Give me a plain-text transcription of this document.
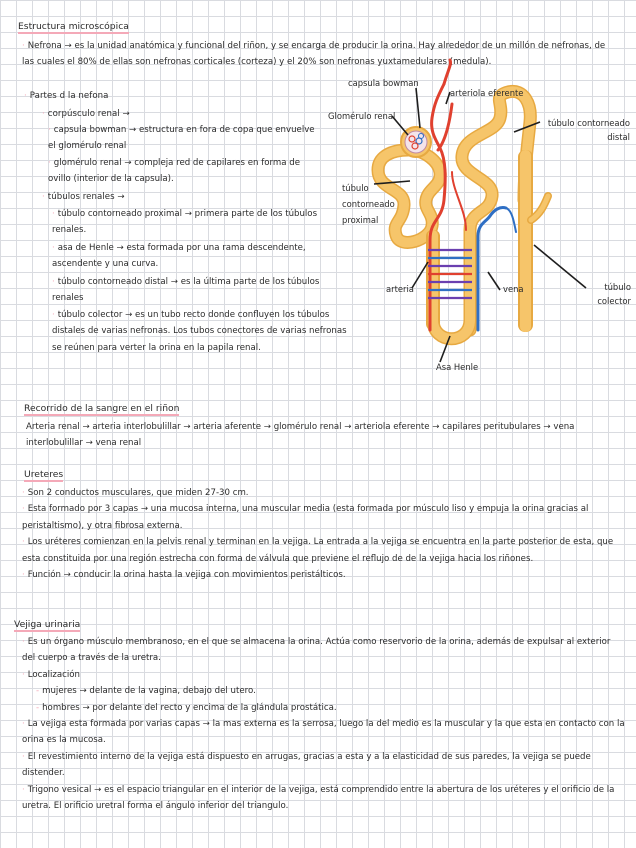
Estructura microscópica
· Nefrona → es la unidad anatómica y funcional del riñon, y se encarga de producir la orina. Hay alrededor de un millón de nefronas, de las cuales el 80% de ellas son nefronas corticales (corteza) y el 20% son nefronas yuxtamedulares (medula).
· Partes d la nefona
· corpúsculo renal →
· capsula bowman → estructura en fora de copa que envuelve el glomérulo renal
· glomérulo renal → compleja red de capilares en forma de ovillo (interior de la capsula).
· túbulos renales →
· túbulo contorneado proximal → primera parte de los túbulos renales.
· asa de Henle → esta formada por una rama descendente, ascendente y una curva.
· túbulo contorneado distal → es la última parte de los túbulos renales
· túbulo colector → es un tubo recto donde confluyen los túbulos distales de varias nefronas. Los tubos conectores de varias nefronas se reúnen para verter la orina en la papila renal.
capsula bowman
arteriola eferente
Glomérulo renal
túbulo contorneado distal
túbulo contorneado proximal
arteria	vena	túbulo colector
Asa Henle
Recorrido de la sangre en el riñon
Arteria renal → arteria interlobulillar → arteria aferente → glomérulo renal → arteriola eferente → capilares peritubulares → vena interlobulillar → vena renal
Ureteres

· Son 2 conductos musculares, que miden 27-30 cm.

· Esta formado por 3 capas → una mucosa interna, una muscular media (esta formada por músculo liso y empuja la orina gracias al peristaltismo), y otra fibrosa externa.

· Los uréteres comienzan en la pelvis renal y terminan en la vejiga. La entrada a la vejiga se encuentra en la parte posterior de esta, que esta constituida por una región estrecha con forma de válvula que previene el reflujo de de la vejiga hacia los riñones.

· Función → conducir la orina hasta la vejiga con movimientos peristálticos.

Vejiga urinaria

· Es un órgano músculo membranoso, en el que se almacena la orina. Actúa como reservorio de la orina, además de expulsar al exterior del cuerpo a través de la uretra.

· Localización

- mujeres → delante de la vagina, debajo del utero.

- hombres → por delante del recto y encima de la glándula prostática.

· La vejiga esta formada por varias capas → la mas externa es la serrosa, luego la del medio es la muscular y la que esta en contacto con la orina es la mucosa.

· El revestimiento interno de la vejiga está dispuesto en arrugas, gracias a esta y a la elasticidad de sus paredes, la vejiga se puede distender.

· Trigono vesical → es el espacio triangular en el interior de la vejiga, está comprendido entre la abertura de los uréteres y el orificio de la uretra. El orificio uretral forma el ángulo inferior del triangulo.
